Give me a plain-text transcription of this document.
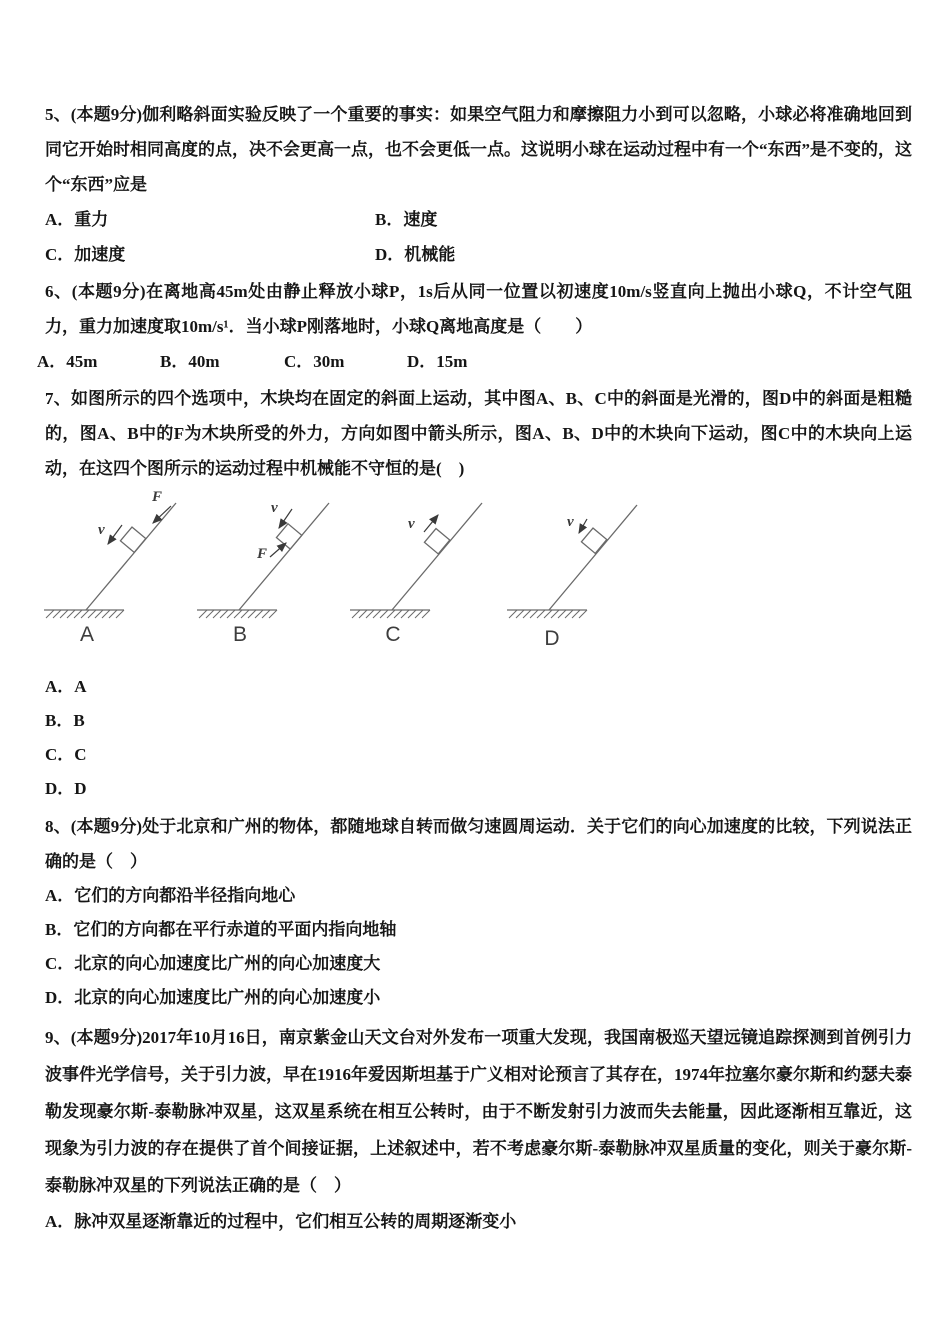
5、(本题9分)伽利略斜面实验反映了一个重要的事实：如果空气阻力和摩擦阻力小到可以忽略，小球必将准确地回到同它开始时相同高度的点，决不会更高一点，也不会更低一点。这说明小球在运动过程中有一个“东西”是不变的，这个“东西”应是

A．重力	B．速度
C．加速度	D．机械能

6、(本题9分)在离地高45m处由静止释放小球P，1s后从同一位置以初速度10m/s竖直向上抛出小球Q，不计空气阻力，重力加速度取10m/s¹．当小球P刚落地时，小球Q离地高度是（　　）

A．45m	B．40m	C．30m	D．15m

7、如图所示的四个选项中，木块均在固定的斜面上运动，其中图A、B、C中的斜面是光滑的，图D中的斜面是粗糙的，图A、B中的F为木块所受的外力，方向如图中箭头所示，图A、B、D中的木块向下运动，图C中的木块向上运动，在这四个图所示的运动过程中机械能不守恒的是(　)

v
F
A
v
F
B
v
C
v
D
A．A
B．B
C．C
D．D

8、(本题9分)处于北京和广州的物体，都随地球自转而做匀速圆周运动．关于它们的向心加速度的比较，下列说法正确的是（　）

A．它们的方向都沿半径指向地心
B．它们的方向都在平行赤道的平面内指向地轴
C．北京的向心加速度比广州的向心加速度大
D．北京的向心加速度比广州的向心加速度小

9、(本题9分)2017年10月16日，南京紫金山天文台对外发布一项重大发现，我国南极巡天望远镜追踪探测到首例引力波事件光学信号，关于引力波，早在1916年爱因斯坦基于广义相对论预言了其存在，1974年拉塞尔豪尔斯和约瑟夫泰勒发现豪尔斯-泰勒脉冲双星，这双星系统在相互公转时，由于不断发射引力波而失去能量，因此逐渐相互靠近，这现象为引力波的存在提供了首个间接证据，上述叙述中，若不考虑豪尔斯-泰勒脉冲双星质量的变化，则关于豪尔斯-泰勒脉冲双星的下列说法正确的是（　）

A．脉冲双星逐渐靠近的过程中，它们相互公转的周期逐渐变小
